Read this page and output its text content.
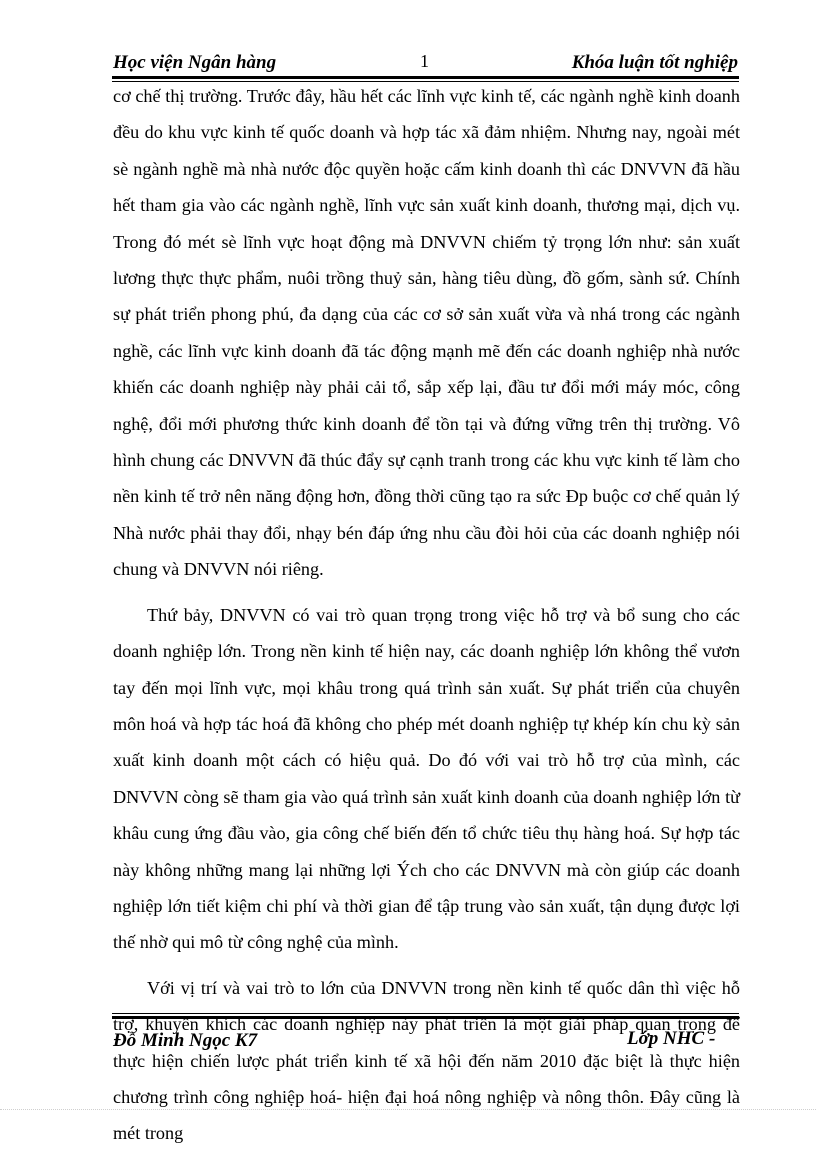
Học viện Ngân hàng	1	Khóa luận tốt nghiệp

cơ chế thị trường. Trước đây, hầu hết các lĩnh vực kinh tế, các ngành nghề kinh doanh đều do khu vực kinh tế quốc doanh và hợp tác xã đảm nhiệm. Nhưng nay, ngoài mét sè ngành nghề mà nhà nước độc quyền hoặc cấm kinh doanh thì các DNVVN đã hầu hết tham gia vào các ngành nghề, lĩnh vực sản xuất kinh doanh, thương mại, dịch vụ. Trong đó mét sè lĩnh vực hoạt động mà DNVVN chiếm tỷ trọng lớn như: sản xuất lương thực thực phẩm, nuôi trồng thuỷ sản, hàng tiêu dùng, đồ gốm, sành sứ. Chính sự phát triển phong phú, đa dạng của các cơ sở sản xuất vừa và nhá trong các ngành nghề, các lĩnh vực kinh doanh đã tác động mạnh mẽ đến các doanh nghiệp nhà nước khiến các doanh nghiệp này phải cải tổ, sắp xếp lại, đầu tư đổi mới máy móc, công nghệ, đổi mới phương thức kinh doanh để tồn tại và đứng vững trên thị trường. Vô hình chung các DNVVN đã thúc đẩy sự cạnh tranh trong các khu vực kinh tế làm cho nền kinh tế trở nên năng động hơn, đồng thời cũng tạo ra sức Ðp buộc cơ chế quản lý Nhà nước phải thay đổi, nhạy bén đáp ứng nhu cầu đòi hỏi của các doanh nghiệp nói chung và DNVVN nói riêng.

Thứ bảy, DNVVN có vai trò quan trọng trong việc hỗ trợ và bổ sung cho các doanh nghiệp lớn. Trong nền kinh tế hiện nay, các doanh nghiệp lớn không thể vươn tay đến mọi lĩnh vực, mọi khâu trong quá trình sản xuất. Sự phát triển của chuyên môn hoá và hợp tác hoá đã không cho phép mét doanh nghiệp tự khép kín chu kỳ sản xuất kinh doanh một cách có hiệu quả. Do đó với vai trò hỗ trợ của mình, các DNVVN còng sẽ tham gia vào quá trình sản xuất kinh doanh của doanh nghiệp lớn từ khâu cung ứng đầu vào, gia công chế biến đến tổ chức tiêu thụ hàng hoá. Sự hợp tác này không những mang lại những lợi Ých cho các DNVVN mà còn giúp các doanh nghiệp lớn tiết kiệm chi phí và thời gian để tập trung vào sản xuất, tận dụng được lợi thế nhờ qui mô từ công nghệ của mình.

Với vị trí và vai trò to lớn của DNVVN trong nền kinh tế quốc dân thì việc hỗ trợ, khuyến khích các doanh nghiệp này phát triển là một giải pháp quan trọng để thực hiện chiến lược phát triển kinh tế xã hội đến năm 2010 đặc biệt là thực hiện chương trình công nghiệp hoá- hiện đại hoá nông nghiệp và nông thôn. Đây cũng là mét trong

Đỗ Minh Ngọc K7	Lớp NHC -
